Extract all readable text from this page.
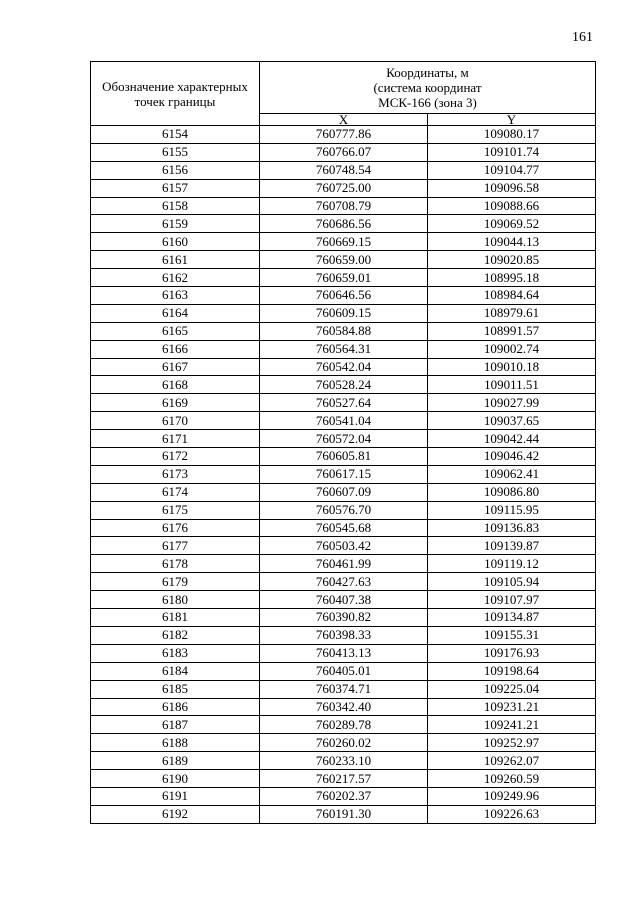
161
Обозначение характерных точек границы	Координаты, м
(система координат
МСК-166 (зона 3)	

	X	Y
6154	760777.86	109080.17
6155	760766.07	109101.74
6156	760748.54	109104.77
6157	760725.00	109096.58
6158	760708.79	109088.66
6159	760686.56	109069.52
6160	760669.15	109044.13
6161	760659.00	109020.85
6162	760659.01	108995.18
6163	760646.56	108984.64
6164	760609.15	108979.61
6165	760584.88	108991.57
6166	760564.31	109002.74
6167	760542.04	109010.18
6168	760528.24	109011.51
6169	760527.64	109027.99
6170	760541.04	109037.65
6171	760572.04	109042.44
6172	760605.81	109046.42
6173	760617.15	109062.41
6174	760607.09	109086.80
6175	760576.70	109115.95
6176	760545.68	109136.83
6177	760503.42	109139.87
6178	760461.99	109119.12
6179	760427.63	109105.94
6180	760407.38	109107.97
6181	760390.82	109134.87
6182	760398.33	109155.31
6183	760413.13	109176.93
6184	760405.01	109198.64
6185	760374.71	109225.04
6186	760342.40	109231.21
6187	760289.78	109241.21
6188	760260.02	109252.97
6189	760233.10	109262.07
6190	760217.57	109260.59
6191	760202.37	109249.96
6192	760191.30	109226.63
